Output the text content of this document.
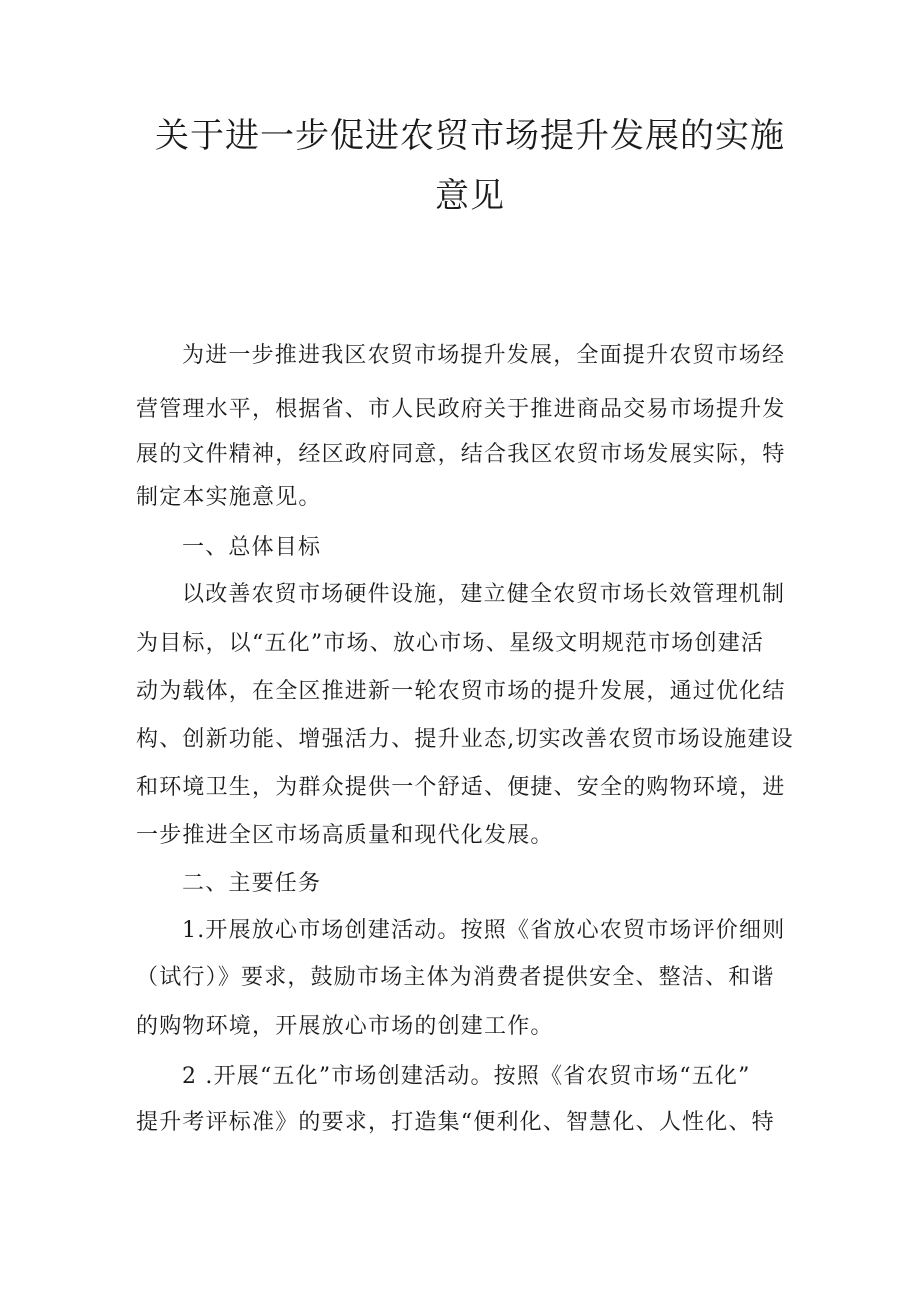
关于进一步促进农贸市场提升发展的实施
意见
为进一步推进我区农贸市场提升发展，全面提升农贸市场经
营管理水平，根据省、市人民政府关于推进商品交易市场提升发
展的文件精神，经区政府同意，结合我区农贸市场发展实际，特
制定本实施意见。
一、总体目标
以改善农贸市场硬件设施，建立健全农贸市场长效管理机制
为目标，以“五化”市场、放心市场、星级文明规范市场创建活
动为载体，在全区推进新一轮农贸市场的提升发展，通过优化结
构、创新功能、增强活力、提升业态,切实改善农贸市场设施建设
和环境卫生，为群众提供一个舒适、便捷、安全的购物环境，进
一步推进全区市场高质量和现代化发展。
二、主要任务
1.开展放心市场创建活动。按照《省放心农贸市场评价细则
（试行）》要求，鼓励市场主体为消费者提供安全、整洁、和谐
的购物环境，开展放心市场的创建工作。
2 .开展“五化”市场创建活动。按照《省农贸市场“五化”
提升考评标准》的要求，打造集“便利化、智慧化、人性化、特
